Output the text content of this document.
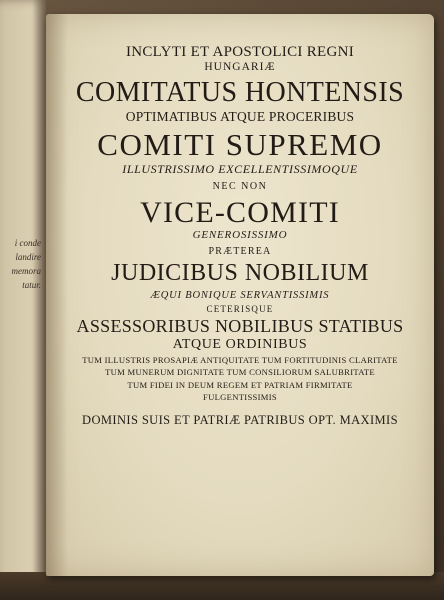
i conde
landire
memora
tatur.
INCLYTI ET APOSTOLICI REGNI
HUNGARIÆ
COMITATUS HONTENSIS
OPTIMATIBUS ATQUE PROCERIBUS
COMITI SUPREMO
ILLUSTRISSIMO EXCELLENTISSIMOQUE
NEC NON
VICE-COMITI
GENEROSISSIMO
PRÆTEREA
JUDICIBUS NOBILIUM
ÆQUI BONIQUE SERVANTISSIMIS
CETERISQUE
ASSESSORIBUS NOBILIBUS STATIBUS
ATQUE ORDINIBUS
TUM ILLUSTRIS PROSAPIÆ ANTIQUITATE TUM FORTITUDINIS CLARITATE
TUM MUNERUM DIGNITATE TUM CONSILIORUM SALUBRITATE
TUM FIDEI IN DEUM REGEM ET PATRIAM FIRMITATE
FULGENTISSIMIS
DOMINIS SUIS ET PATRIÆ PATRIBUS OPT. MAXIMIS
